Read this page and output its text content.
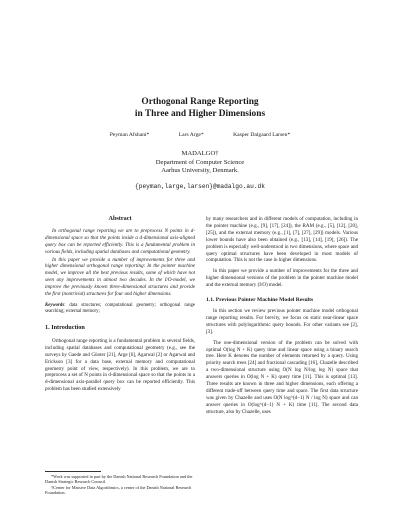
Orthogonal Range Reporting
in Three and Higher Dimensions
Peyman Afshani*	Lars Arge*	Kasper Dalgaard Larsen*
MADALGO†
Department of Computer Science
Aarhus University, Denmark.
{peyman,large,larsen}@madalgo.au.dk
Abstract

In orthogonal range reporting we are to preprocess N points in d-dimensional space so that the points inside a d-dimensional axis-aligned query box can be reported efficiently. This is a fundamental problem in various fields, including spatial databases and computational geometry.

In this paper we provide a number of improvements for three and higher dimensional orthogonal range reporting: In the pointer machine model, we improve all the best previous results, some of which have not seen any improvements in almost two decades. In the I/O-model, we improve the previously known three-dimensional structures and provide the first (nontrivial) structures for four and higher dimensions.

Keywords: data structures; computational geometry; orthogonal range searching; external memory;
1. Introduction

Orthogonal range reporting is a fundamental problem in several fields, including spatial databases and computational geometry (e.g., see the surveys by Gaede and Günter [21], Arge [6], Agarwal [2] or Agarwal and Erickson [3] for a data base, external memory and computational geometry point of view, respectively). In this problem, we are to preprocess a set of N points in d-dimensional space so that the points in a d-dimensional axis-parallel query box can be reported efficiently. This problem has been studied extensively

*Work was supported in part by the Danish National Research Foundation and the Danish Strategic Research Council.

†Center for Massive Data Algorithmics, a center of the Danish National Research Foundation.

by many researchers and in different models of computation, including in the pointer machine (e.g., [9], [17], [24]), the RAM (e.g., [5], [12], [20], [25]), and the external memory (e.g., [1], [7], [27], [29]) models. Various lower bounds have also been obtained (e.g., [13], [14], [19], [26]). The problem is especially well-understood in two dimensions, where space and query optimal structures have been developed in most models of computation. This is not the case in higher dimensions.

In this paper we provide a number of improvements for the three and higher dimensional versions of the problem in the pointer machine model and the external memory (I/O) model.

1.1. Previous Pointer Machine Model Results

In this section we review previous pointer machine model orthogonal range reporting results. For brevity, we focus on static near-linear space structures with polylogarithmic query bounds. For other variants see [2], [3].

The one-dimensional version of the problem can be solved with optimal O(log N + K) query time and linear space using a binary search tree. Here K denotes the number of elements returned by a query. Using priority search trees [24] and fractional cascading [16], Chazelle described a two-dimensional structure using O(N log N/log log N) space that answers queries in O(log N + K) query time [11]. This is optimal [13]. Three results are known in three and higher dimensions, each offering a different trade-off between query time and space. The first data structure was given by Chazelle and uses O(N log^(d−1) N / log N) space and can answer queries in O(log^(d−1) N + K) time [11]. The second data structure, also by Chazelle, uses
